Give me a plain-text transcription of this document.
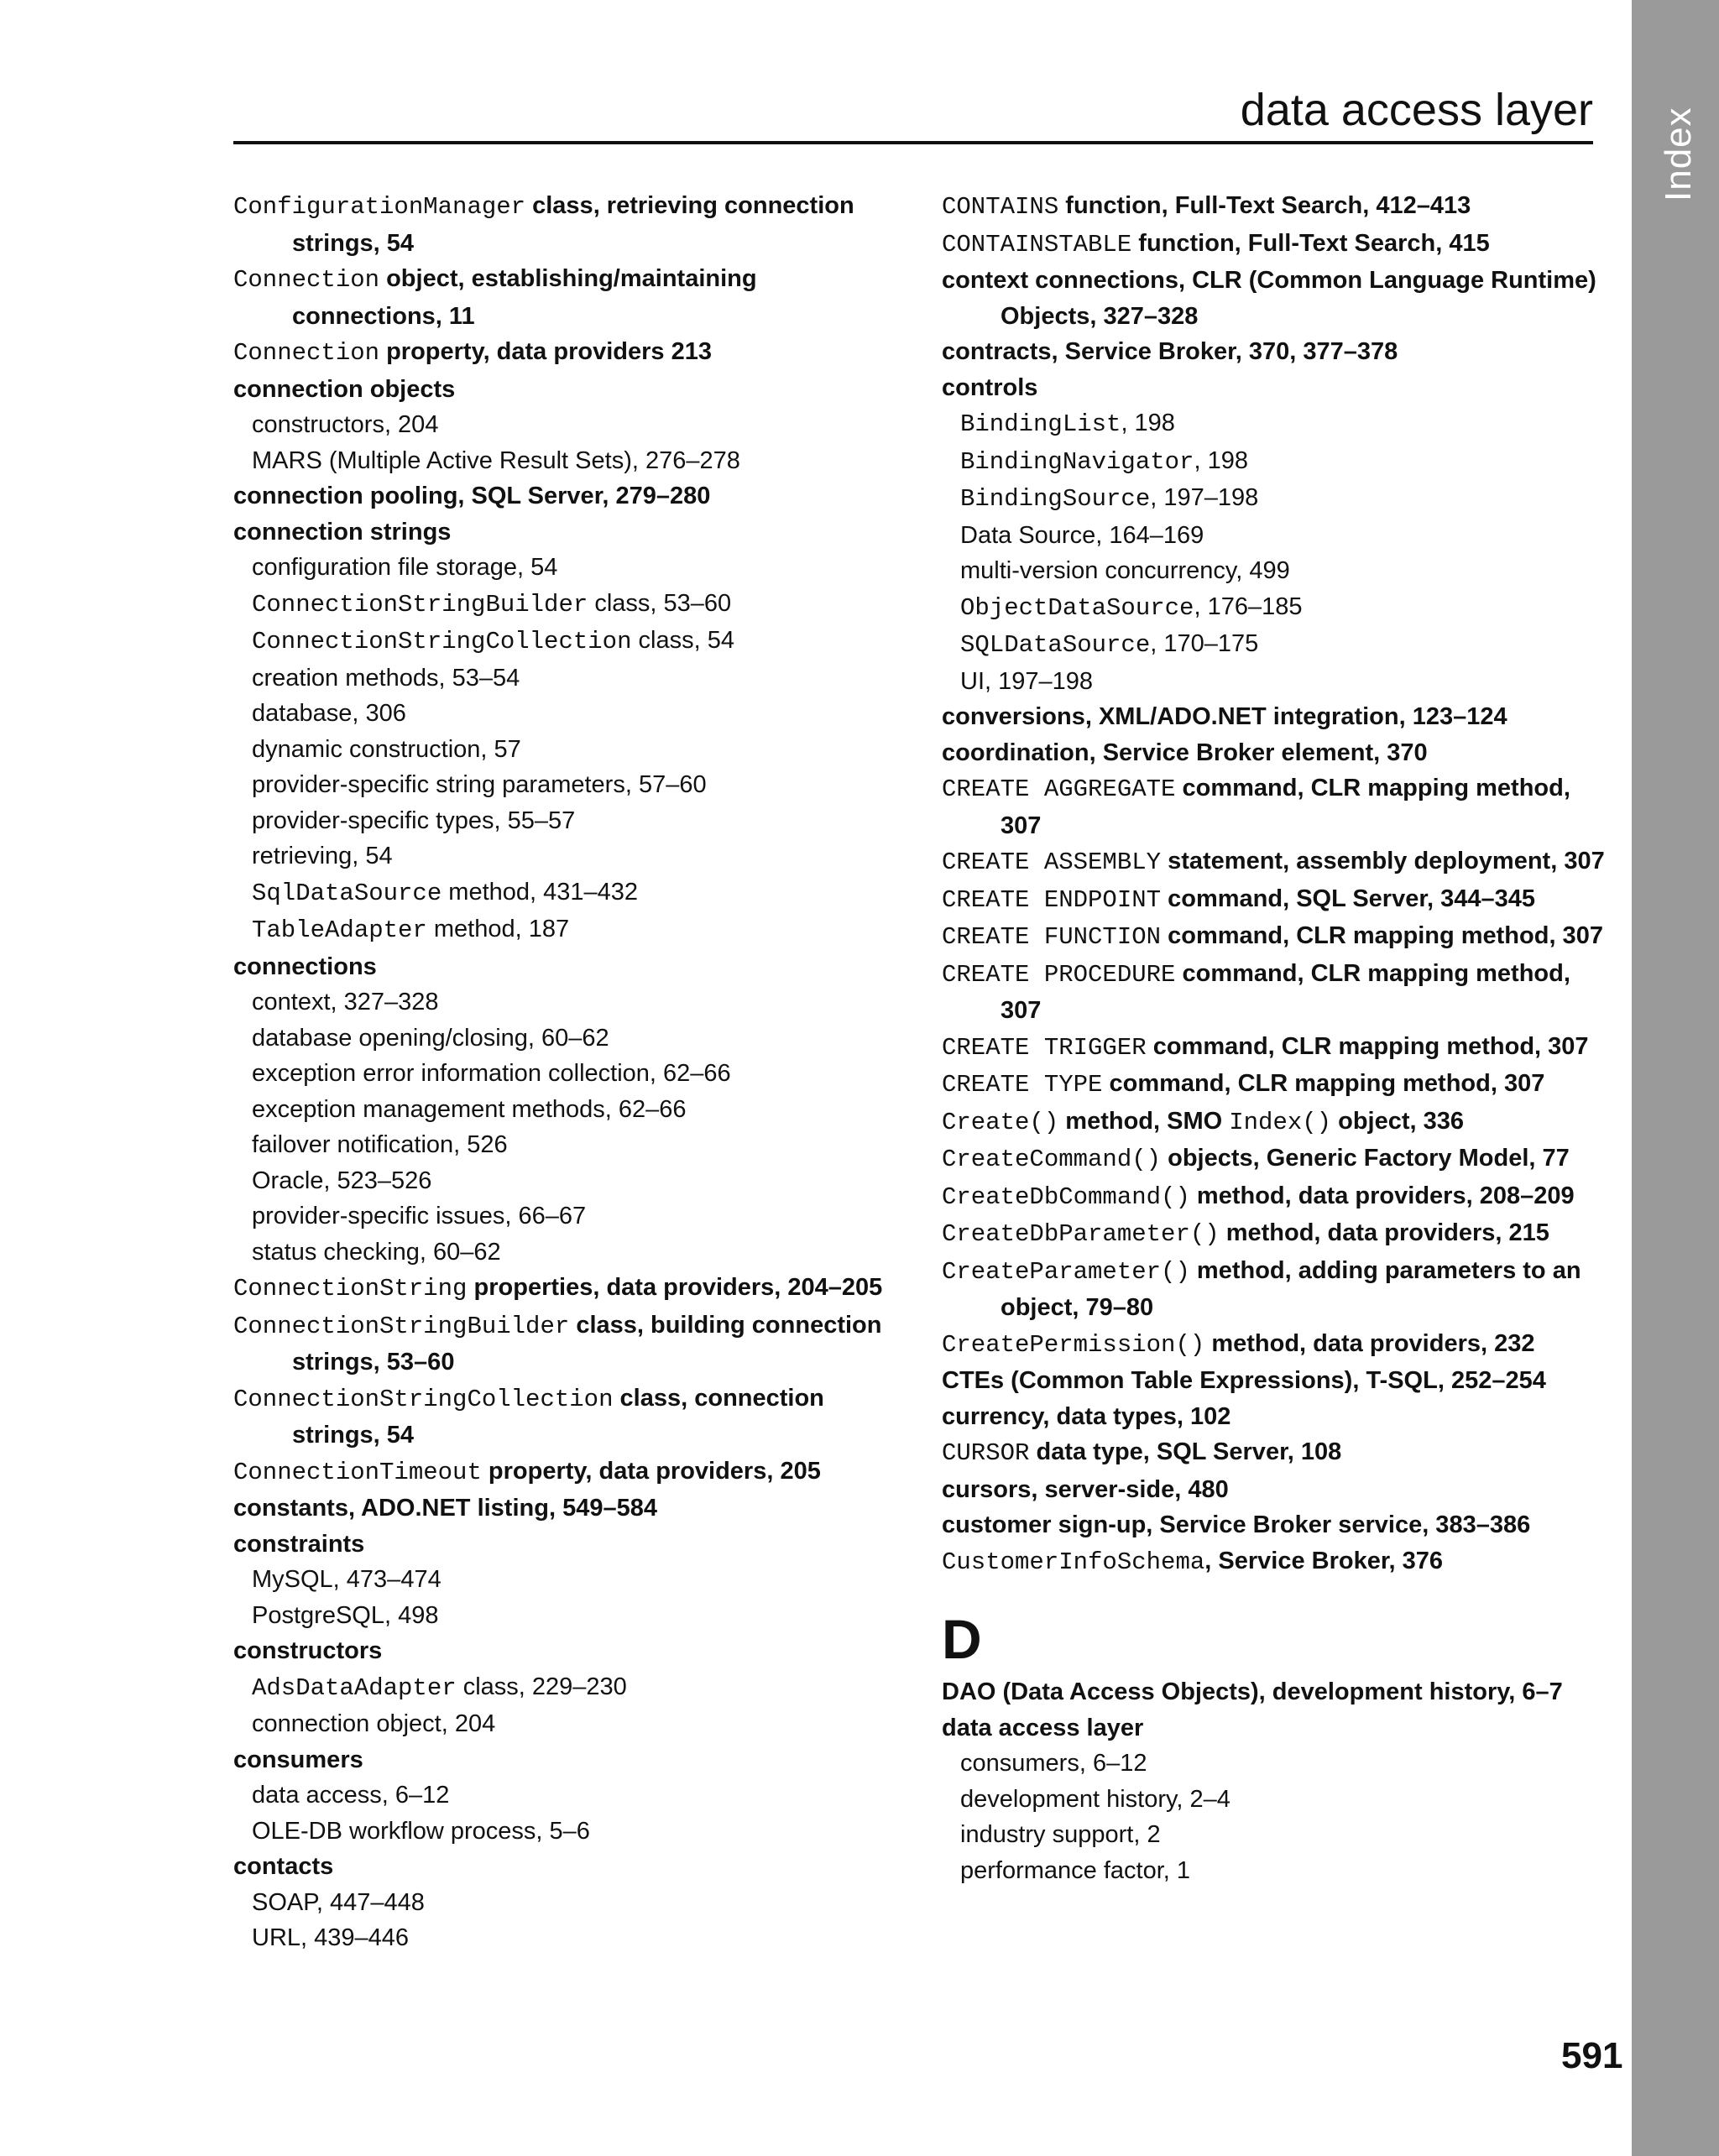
Index
data access layer
ConfigurationManager class, retrieving connection strings, 54
Connection object, establishing/maintaining connections, 11
Connection property, data providers 213
connection objects
constructors, 204
MARS (Multiple Active Result Sets), 276–278
connection pooling, SQL Server, 279–280
connection strings
configuration file storage, 54
ConnectionStringBuilder class, 53–60
ConnectionStringCollection class, 54
creation methods, 53–54
database, 306
dynamic construction, 57
provider-specific string parameters, 57–60
provider-specific types, 55–57
retrieving, 54
SqlDataSource method, 431–432
TableAdapter method, 187
connections
context, 327–328
database opening/closing, 60–62
exception error information collection, 62–66
exception management methods, 62–66
failover notification, 526
Oracle, 523–526
provider-specific issues, 66–67
status checking, 60–62
ConnectionString properties, data providers, 204–205
ConnectionStringBuilder class, building connection strings, 53–60
ConnectionStringCollection class, connection strings, 54
ConnectionTimeout property, data providers, 205
constants, ADO.NET listing, 549–584
constraints
MySQL, 473–474
PostgreSQL, 498
constructors
AdsDataAdapter class, 229–230
connection object, 204
consumers
data access, 6–12
OLE-DB workflow process, 5–6
contacts
SOAP, 447–448
URL, 439–446
CONTAINS function, Full-Text Search, 412–413
CONTAINSTABLE function, Full-Text Search, 415
context connections, CLR (Common Language Runtime) Objects, 327–328
contracts, Service Broker, 370, 377–378
controls
BindingList, 198
BindingNavigator, 198
BindingSource, 197–198
Data Source, 164–169
multi-version concurrency, 499
ObjectDataSource, 176–185
SQLDataSource, 170–175
UI, 197–198
conversions, XML/ADO.NET integration, 123–124
coordination, Service Broker element, 370
CREATE AGGREGATE command, CLR mapping method, 307
CREATE ASSEMBLY statement, assembly deployment, 307
CREATE ENDPOINT command, SQL Server, 344–345
CREATE FUNCTION command, CLR mapping method, 307
CREATE PROCEDURE command, CLR mapping method, 307
CREATE TRIGGER command, CLR mapping method, 307
CREATE TYPE command, CLR mapping method, 307
Create() method, SMO Index() object, 336
CreateCommand() objects, Generic Factory Model, 77
CreateDbCommand() method, data providers, 208–209
CreateDbParameter() method, data providers, 215
CreateParameter() method, adding parameters to an object, 79–80
CreatePermission() method, data providers, 232
CTEs (Common Table Expressions), T-SQL, 252–254
currency, data types, 102
CURSOR data type, SQL Server, 108
cursors, server-side, 480
customer sign-up, Service Broker service, 383–386
CustomerInfoSchema, Service Broker, 376
D
DAO (Data Access Objects), development history, 6–7
data access layer
consumers, 6–12
development history, 2–4
industry support, 2
performance factor, 1
591
